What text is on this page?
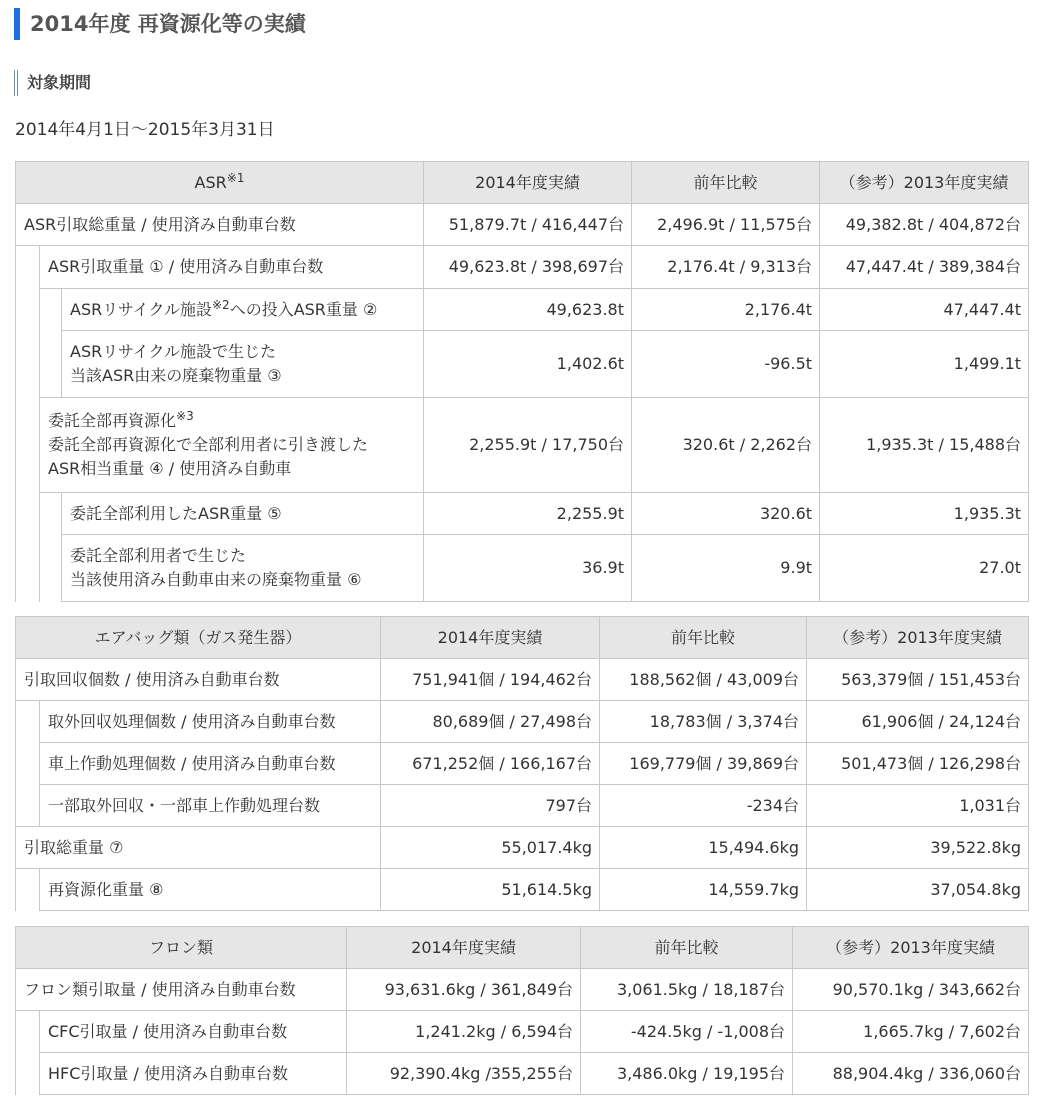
2014年度 再資源化等の実績
対象期間
2014年4月1日～2015年3月31日
ASR$^{※1}$			2014年度実績	前年比較	（参考）2013年度実績
ASR引取総重量 / 使用済み自動車台数			51,879.7t / 416,447台	2,496.9t / 11,575台	49,382.8t / 404,872台
	ASR引取重量 ① / 使用済み自動車台数		49,623.8t / 398,697台	2,176.4t / 9,313台	47,447.4t / 389,384台
		ASRリサイクル施設$^{※2}$への投入ASR重量 ②	49,623.8t	2,176.4t	47,447.4t

		ASRリサイクル施設で生じた
当該ASR由来の廃棄物重量 ③	1,402.6t	-96.5t	1,499.1t

	委託全部再資源化$^{※3}$
委託全部再資源化で全部利用者に引き渡した
ASR相当重量 ④ / 使用済み自動車		2,255.9t / 17,750台	320.6t / 2,262台	1,935.3t / 15,488台
		委託全部利用したASR重量 ⑤	2,255.9t	320.6t	1,935.3t

		委託全部利用者で生じた
当該使用済み自動車由来の廃棄物重量 ⑥	36.9t	9.9t	27.0t
エアバッグ類（ガス発生器）		2014年度実績	前年比較	（参考）2013年度実績
引取回収個数 / 使用済み自動車台数		751,941個 / 194,462台	188,562個 / 43,009台	563,379個 / 151,453台
	取外回収処理個数 / 使用済み自動車台数	80,689個 / 27,498台	18,783個 / 3,374台	61,906個 / 24,124台
	車上作動処理個数 / 使用済み自動車台数	671,252個 / 166,167台	169,779個 / 39,869台	501,473個 / 126,298台
	一部取外回収・一部車上作動処理台数	797台	-234台	1,031台
引取総重量 ⑦		55,017.4kg	15,494.6kg	39,522.8kg
	再資源化重量 ⑧	51,614.5kg	14,559.7kg	37,054.8kg
フロン類		2014年度実績	前年比較	（参考）2013年度実績
フロン類引取量 / 使用済み自動車台数		93,631.6kg / 361,849台	3,061.5kg / 18,187台	90,570.1kg / 343,662台
	CFC引取量 / 使用済み自動車台数	1,241.2kg / 6,594台	-424.5kg / -1,008台	1,665.7kg / 7,602台
	HFC引取量 / 使用済み自動車台数	92,390.4kg /355,255台	3,486.0kg / 19,195台	88,904.4kg / 336,060台
